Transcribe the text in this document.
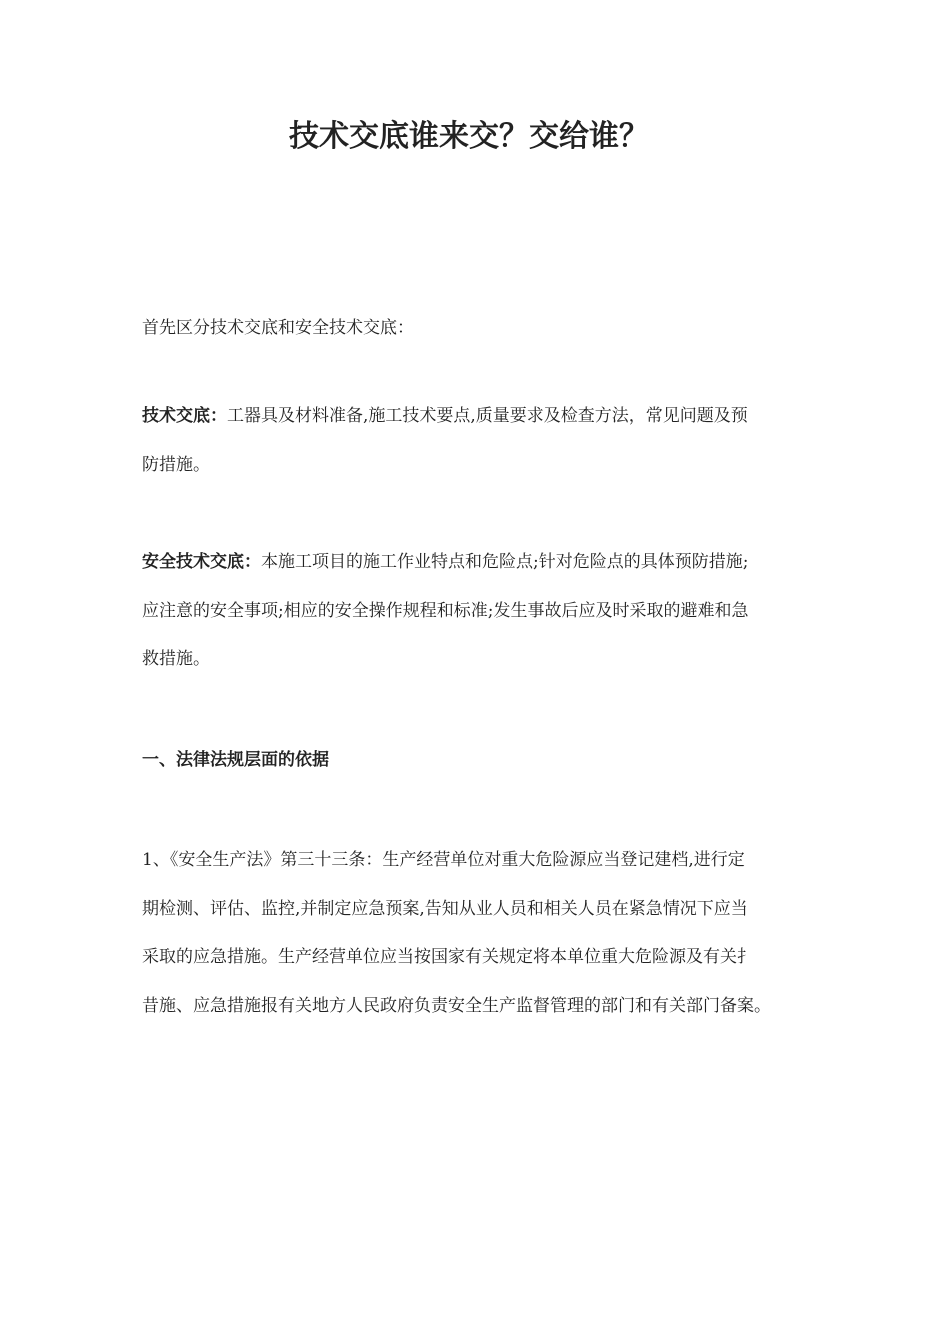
技术交底谁来交？交给谁？

首先区分技术交底和安全技术交底：

技术交底：工器具及材料准备,施工技术要点,质量要求及检查方法，常见问题及预
防措施。

安全技术交底：本施工项目的施工作业特点和危险点;针对危险点的具体预防措施;
应注意的安全事项;相应的安全操作规程和标准;发生事故后应及时采取的避难和急
救措施。

一、法律法规层面的依据

1、《安全生产法》第三十三条：生产经营单位对重大危险源应当登记建档,进行定
期检测、评估、监控,并制定应急预案,告知从业人员和相关人员在紧急情况下应当
采取的应急措施。生产经营单位应当按国家有关规定将本单位重大危险源及有关扌
昔施、应急措施报有关地方人民政府负责安全生产监督管理的部门和有关部门备案。
